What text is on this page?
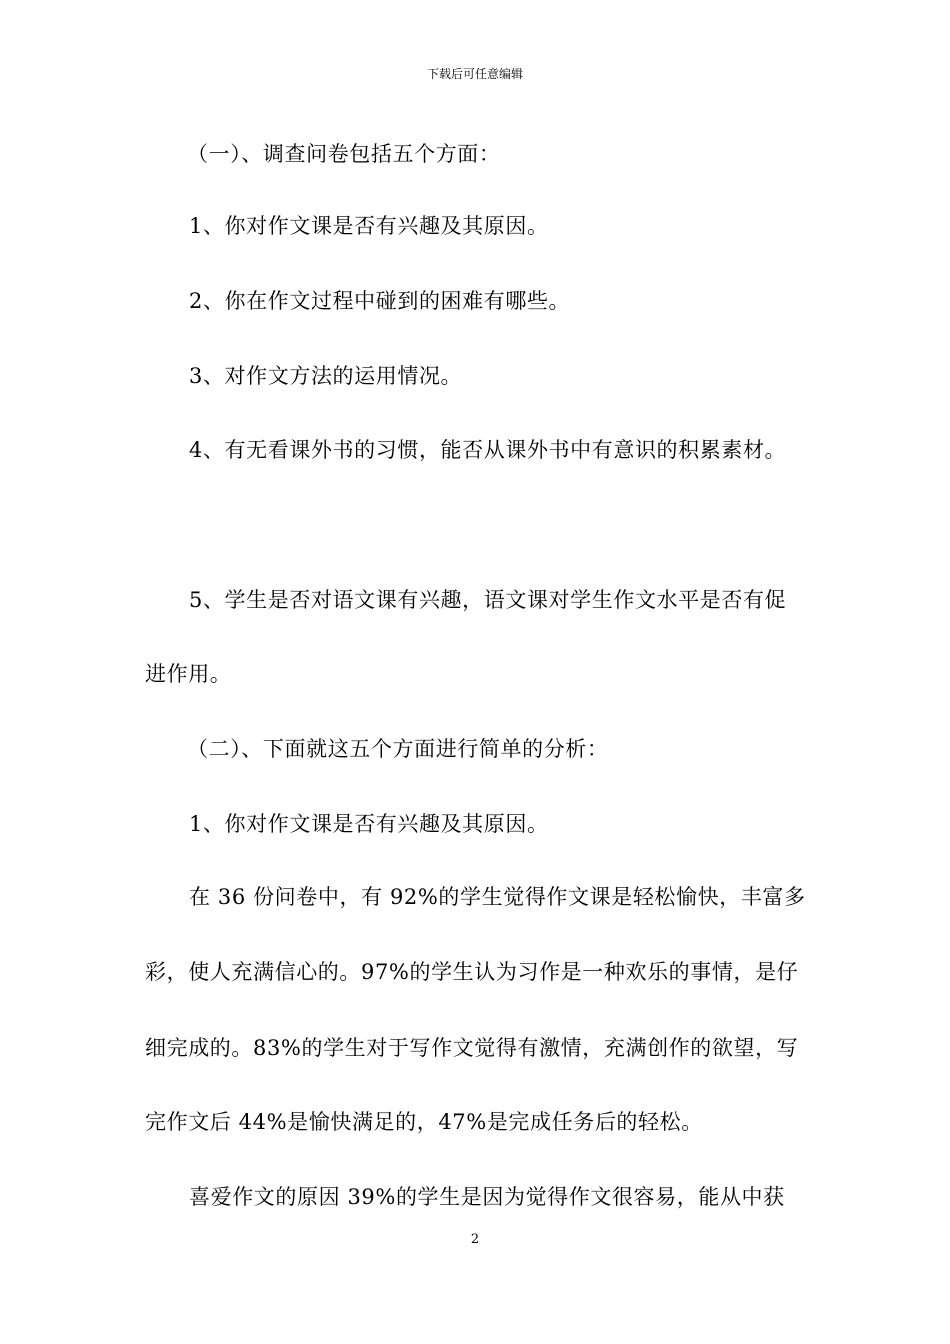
下载后可任意编辑
（一）、调查问卷包括五个方面：
1、你对作文课是否有兴趣及其原因。
2、你在作文过程中碰到的困难有哪些。
3、对作文方法的运用情况。
4、有无看课外书的习惯，能否从课外书中有意识的积累素材。
5、学生是否对语文课有兴趣，语文课对学生作文水平是否有促
进作用。
（二）、下面就这五个方面进行简单的分析：
1、你对作文课是否有兴趣及其原因。
在 36 份问卷中，有 92%的学生觉得作文课是轻松愉快，丰富多
彩，使人充满信心的。97%的学生认为习作是一种欢乐的事情，是仔
细完成的。83%的学生对于写作文觉得有激情，充满创作的欲望，写
完作文后 44%是愉快满足的，47%是完成任务后的轻松。
喜爱作文的原因 39%的学生是因为觉得作文很容易，能从中获
2
